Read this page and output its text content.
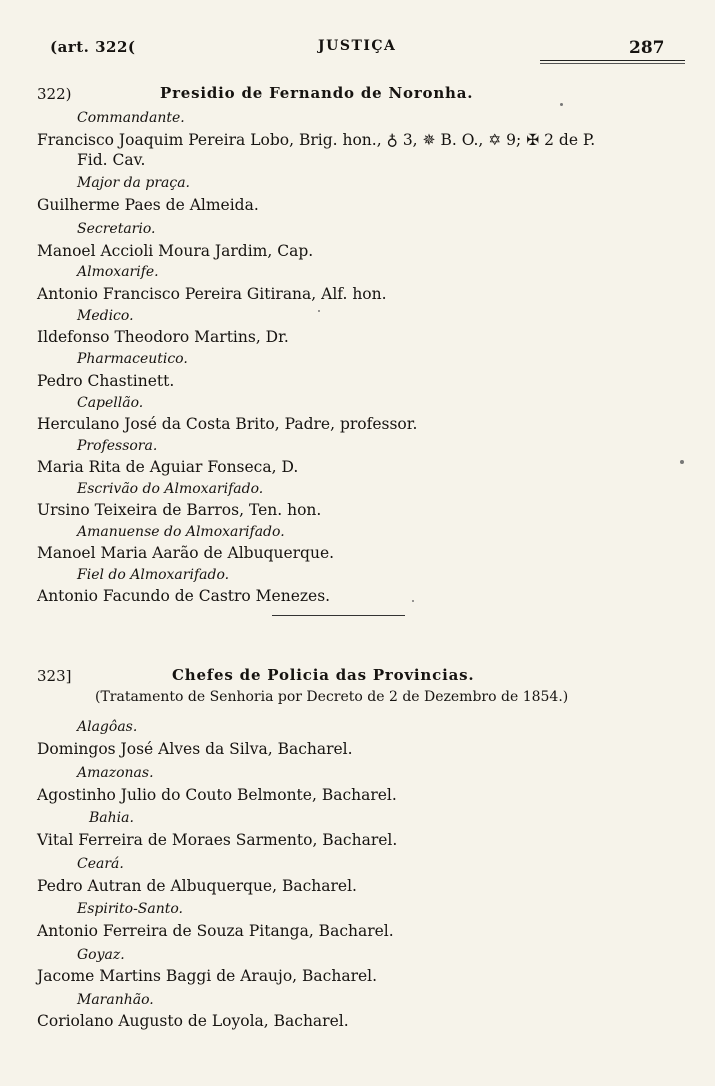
(art. 322(	JUSTIÇA	287
322)	Presidio de Fernando de Noronha.
Commandante.
Francisco Joaquim Pereira Lobo, Brig. hon., ♁ 3, ✵ B. O., ✡ 9; ✠ 2 de P.
Fid. Cav.
Major da praça.
Guilherme Paes de Almeida.
Secretario.
Manoel Accioli Moura Jardim, Cap.
Almoxarife.
Antonio Francisco Pereira Gitirana, Alf. hon.
Medico.
Ildefonso Theodoro Martins, Dr.
Pharmaceutico.
Pedro Chastinett.
Capellão.
Herculano José da Costa Brito, Padre, professor.
Professora.
Maria Rita de Aguiar Fonseca, D.
Escrivão do Almoxarifado.
Ursino Teixeira de Barros, Ten. hon.
Amanuense do Almoxarifado.
Manoel Maria Aarão de Albuquerque.
Fiel do Almoxarifado.
Antonio Facundo de Castro Menezes.
323]	Chefes de Policia das Provincias.
(Tratamento de Senhoria por Decreto de 2 de Dezembro de 1854.)
Alagôas.
Domingos José Alves da Silva, Bacharel.
Amazonas.
Agostinho Julio do Couto Belmonte, Bacharel.
Bahia.
Vital Ferreira de Moraes Sarmento, Bacharel.
Ceará.
Pedro Autran de Albuquerque, Bacharel.
Espirito-Santo.
Antonio Ferreira de Souza Pitanga, Bacharel.
Goyaz.
Jacome Martins Baggi de Araujo, Bacharel.
Maranhão.
Coriolano Augusto de Loyola, Bacharel.
